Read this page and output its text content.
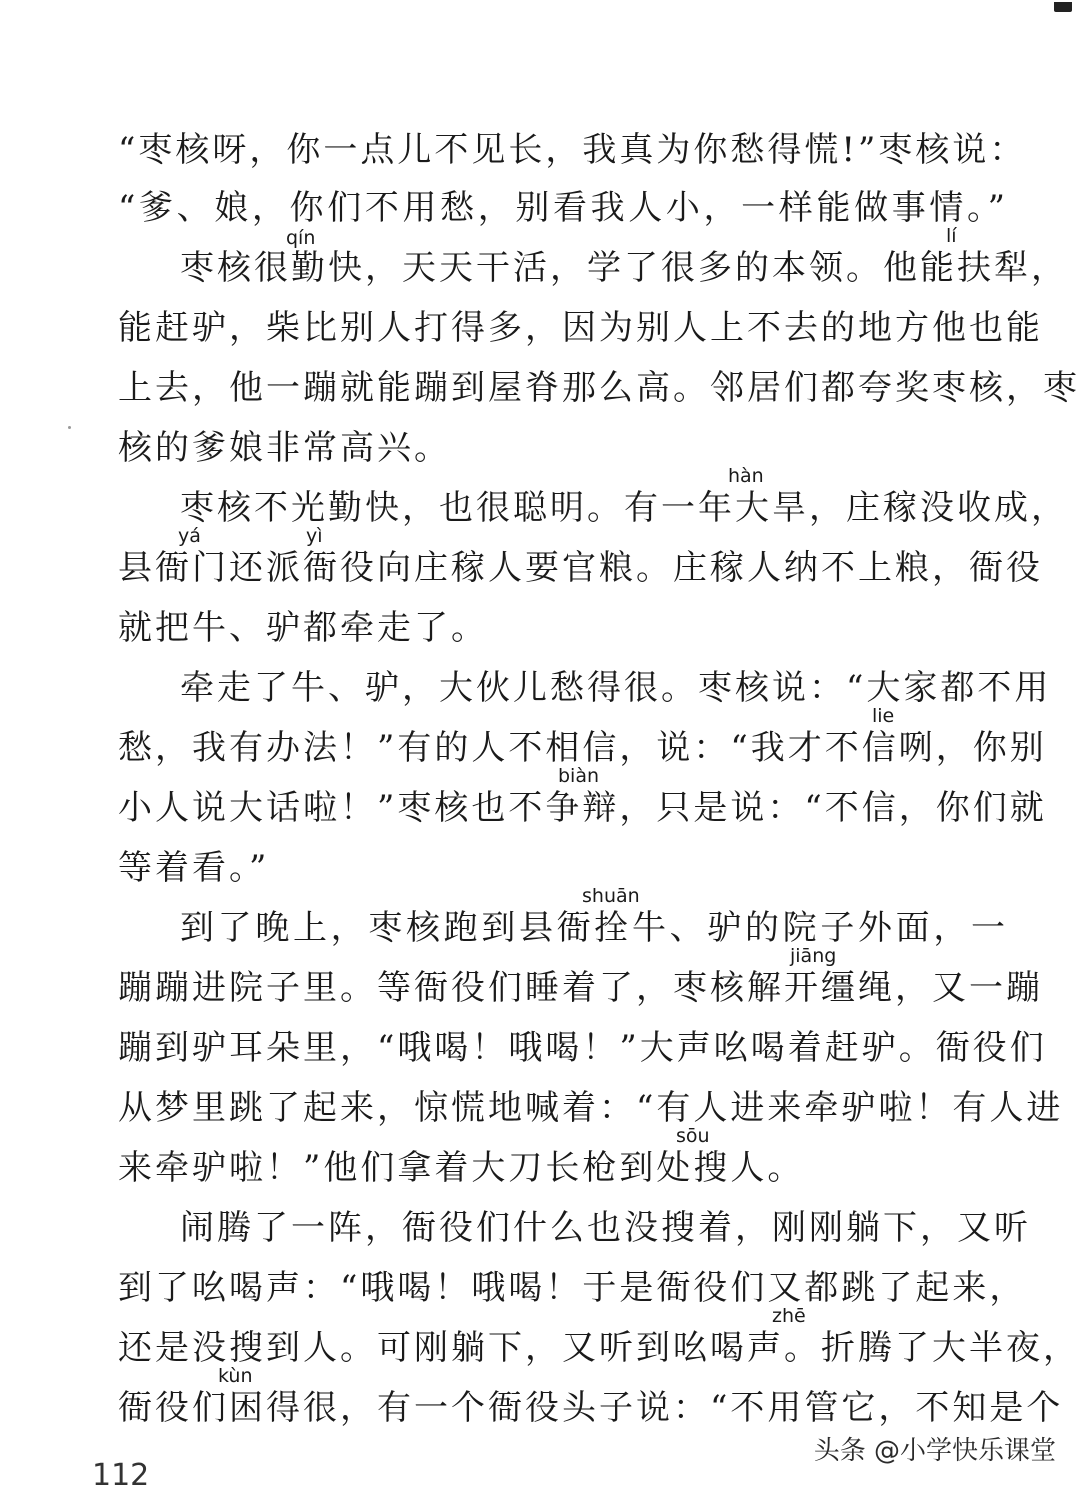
“枣核呀，你一点儿不见长，我真为你愁得慌!”枣核说：
“爹、娘，你们不用愁，别看我人小，一样能做事情。”
枣核很勤快，天天干活，学了很多的本领。他能扶犁，
能赶驴，柴比别人打得多，因为别人上不去的地方他也能
上去，他一蹦就能蹦到屋脊那么高。邻居们都夸奖枣核，枣
核的爹娘非常高兴。
枣核不光勤快，也很聪明。有一年大旱，庄稼没收成，
县衙门还派衙役向庄稼人要官粮。庄稼人纳不上粮，衙役
就把牛、驴都牵走了。
牵走了牛、驴，大伙儿愁得很。枣核说：“大家都不用
愁，我有办法！”有的人不相信，说：“我才不信咧，你别
小人说大话啦！”枣核也不争辩，只是说：“不信，你们就
等着看。”
到了晚上，枣核跑到县衙拴牛、驴的院子外面，一
蹦蹦进院子里。等衙役们睡着了，枣核解开缰绳，又一蹦
蹦到驴耳朵里，“哦喝！哦喝！”大声吆喝着赶驴。衙役们
从梦里跳了起来，惊慌地喊着：“有人进来牵驴啦！有人进
来牵驴啦！”他们拿着大刀长枪到处搜人。
闹腾了一阵，衙役们什么也没搜着，刚刚躺下，又听
到了吆喝声：“哦喝！哦喝！于是衙役们又都跳了起来，
还是没搜到人。可刚躺下，又听到吆喝声。折腾了大半夜，
衙役们困得很，有一个衙役头子说：“不用管它，不知是个
qín	lí
hàn
yá	yì
lie
biàn
shuān
jiāng
sōu
zhē
kùn
112
头条 @小学快乐课堂
